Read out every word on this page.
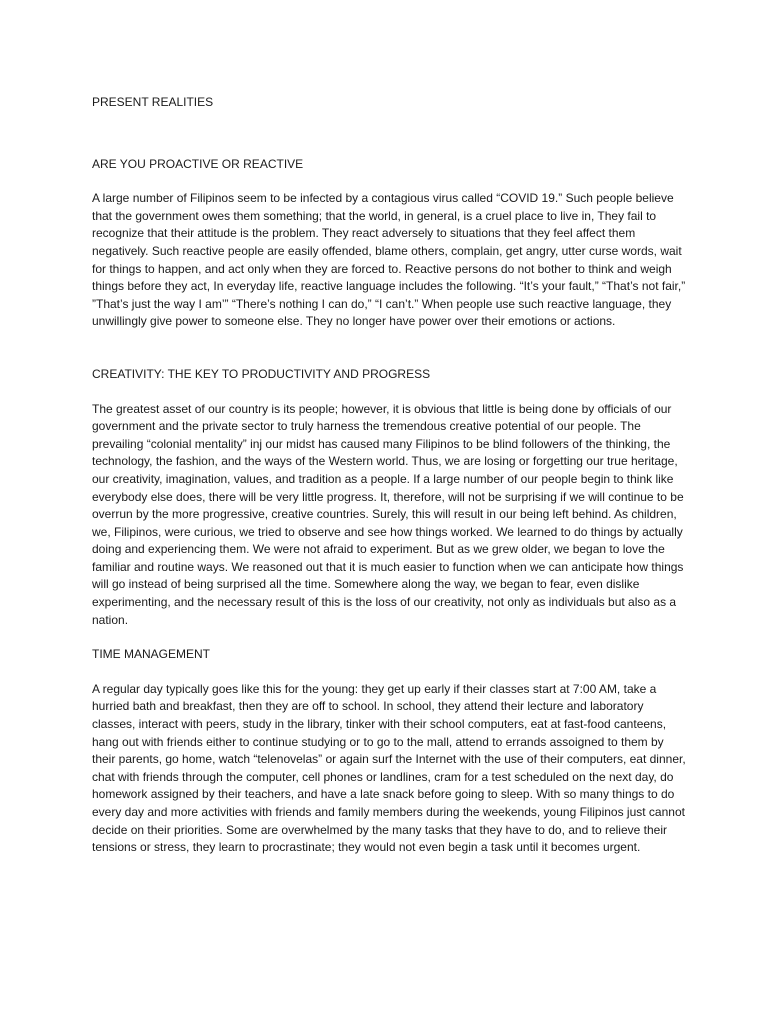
PRESENT REALITIES

ARE YOU PROACTIVE OR REACTIVE

A large number of Filipinos seem to be infected by a contagious virus called “COVID 19.” Such people believe that the government owes them something; that the world, in general, is a cruel place to live in, They fail to recognize that their attitude is the problem. They react adversely to situations that they feel affect them negatively. Such reactive people are easily offended, blame others, complain, get angry, utter curse words, wait for things to happen, and act only when they are forced to. Reactive persons do not bother to think and weigh things before they act, In everyday life, reactive language includes the following. “It’s your fault,” “That’s not fair,” ”That’s just the way I am’” “There’s nothing I can do,” “I can’t.” When people use such reactive language, they unwillingly give power to someone else. They no longer have power over their emotions or actions.

CREATIVITY: THE KEY TO PRODUCTIVITY AND PROGRESS

The greatest asset of our country is its people; however, it is obvious that little is being done by officials of our government and the private sector to truly harness the tremendous creative potential of our people. The prevailing “colonial mentality” inj our midst has caused many Filipinos to be blind followers of the thinking, the technology, the fashion, and the ways of the Western world. Thus, we are losing or forgetting our true heritage, our creativity, imagination, values, and tradition as a people. If a large number of our people begin to think like everybody else does, there will be very little progress. It, therefore, will not be surprising if we will continue to be overrun by the more progressive, creative countries. Surely, this will result in our being left behind. As children, we, Filipinos, were curious, we tried to observe and see how things worked. We learned to do things by actually doing and experiencing them. We were not afraid to experiment. But as we grew older, we began to love the familiar and routine ways. We reasoned out that it is much easier to function when we can anticipate how things will go instead of being surprised all the time. Somewhere along the way, we began to fear, even dislike experimenting, and the necessary result of this is the loss of our creativity, not only as individuals but also as a nation.

TIME MANAGEMENT

A regular day typically goes like this for the young: they get up early if their classes start at 7:00 AM, take a hurried bath and breakfast, then they are off to school. In school, they attend their lecture and laboratory classes, interact with peers, study in the library, tinker with their school computers, eat at fast-food canteens, hang out with friends either to continue studying or to go to the mall, attend to errands assoigned to them by their parents, go home, watch “telenovelas” or again surf the Internet with the use of their computers, eat dinner, chat with friends through the computer, cell phones or landlines, cram for a test scheduled on the next day, do homework assigned by their teachers, and have a late snack before going to sleep. With so many things to do every day and more activities with friends and family members during the weekends, young Filipinos just cannot decide on their priorities. Some are overwhelmed by the many tasks that they have to do, and to relieve their tensions or stress, they learn to procrastinate; they would not even begin a task until it becomes urgent.
